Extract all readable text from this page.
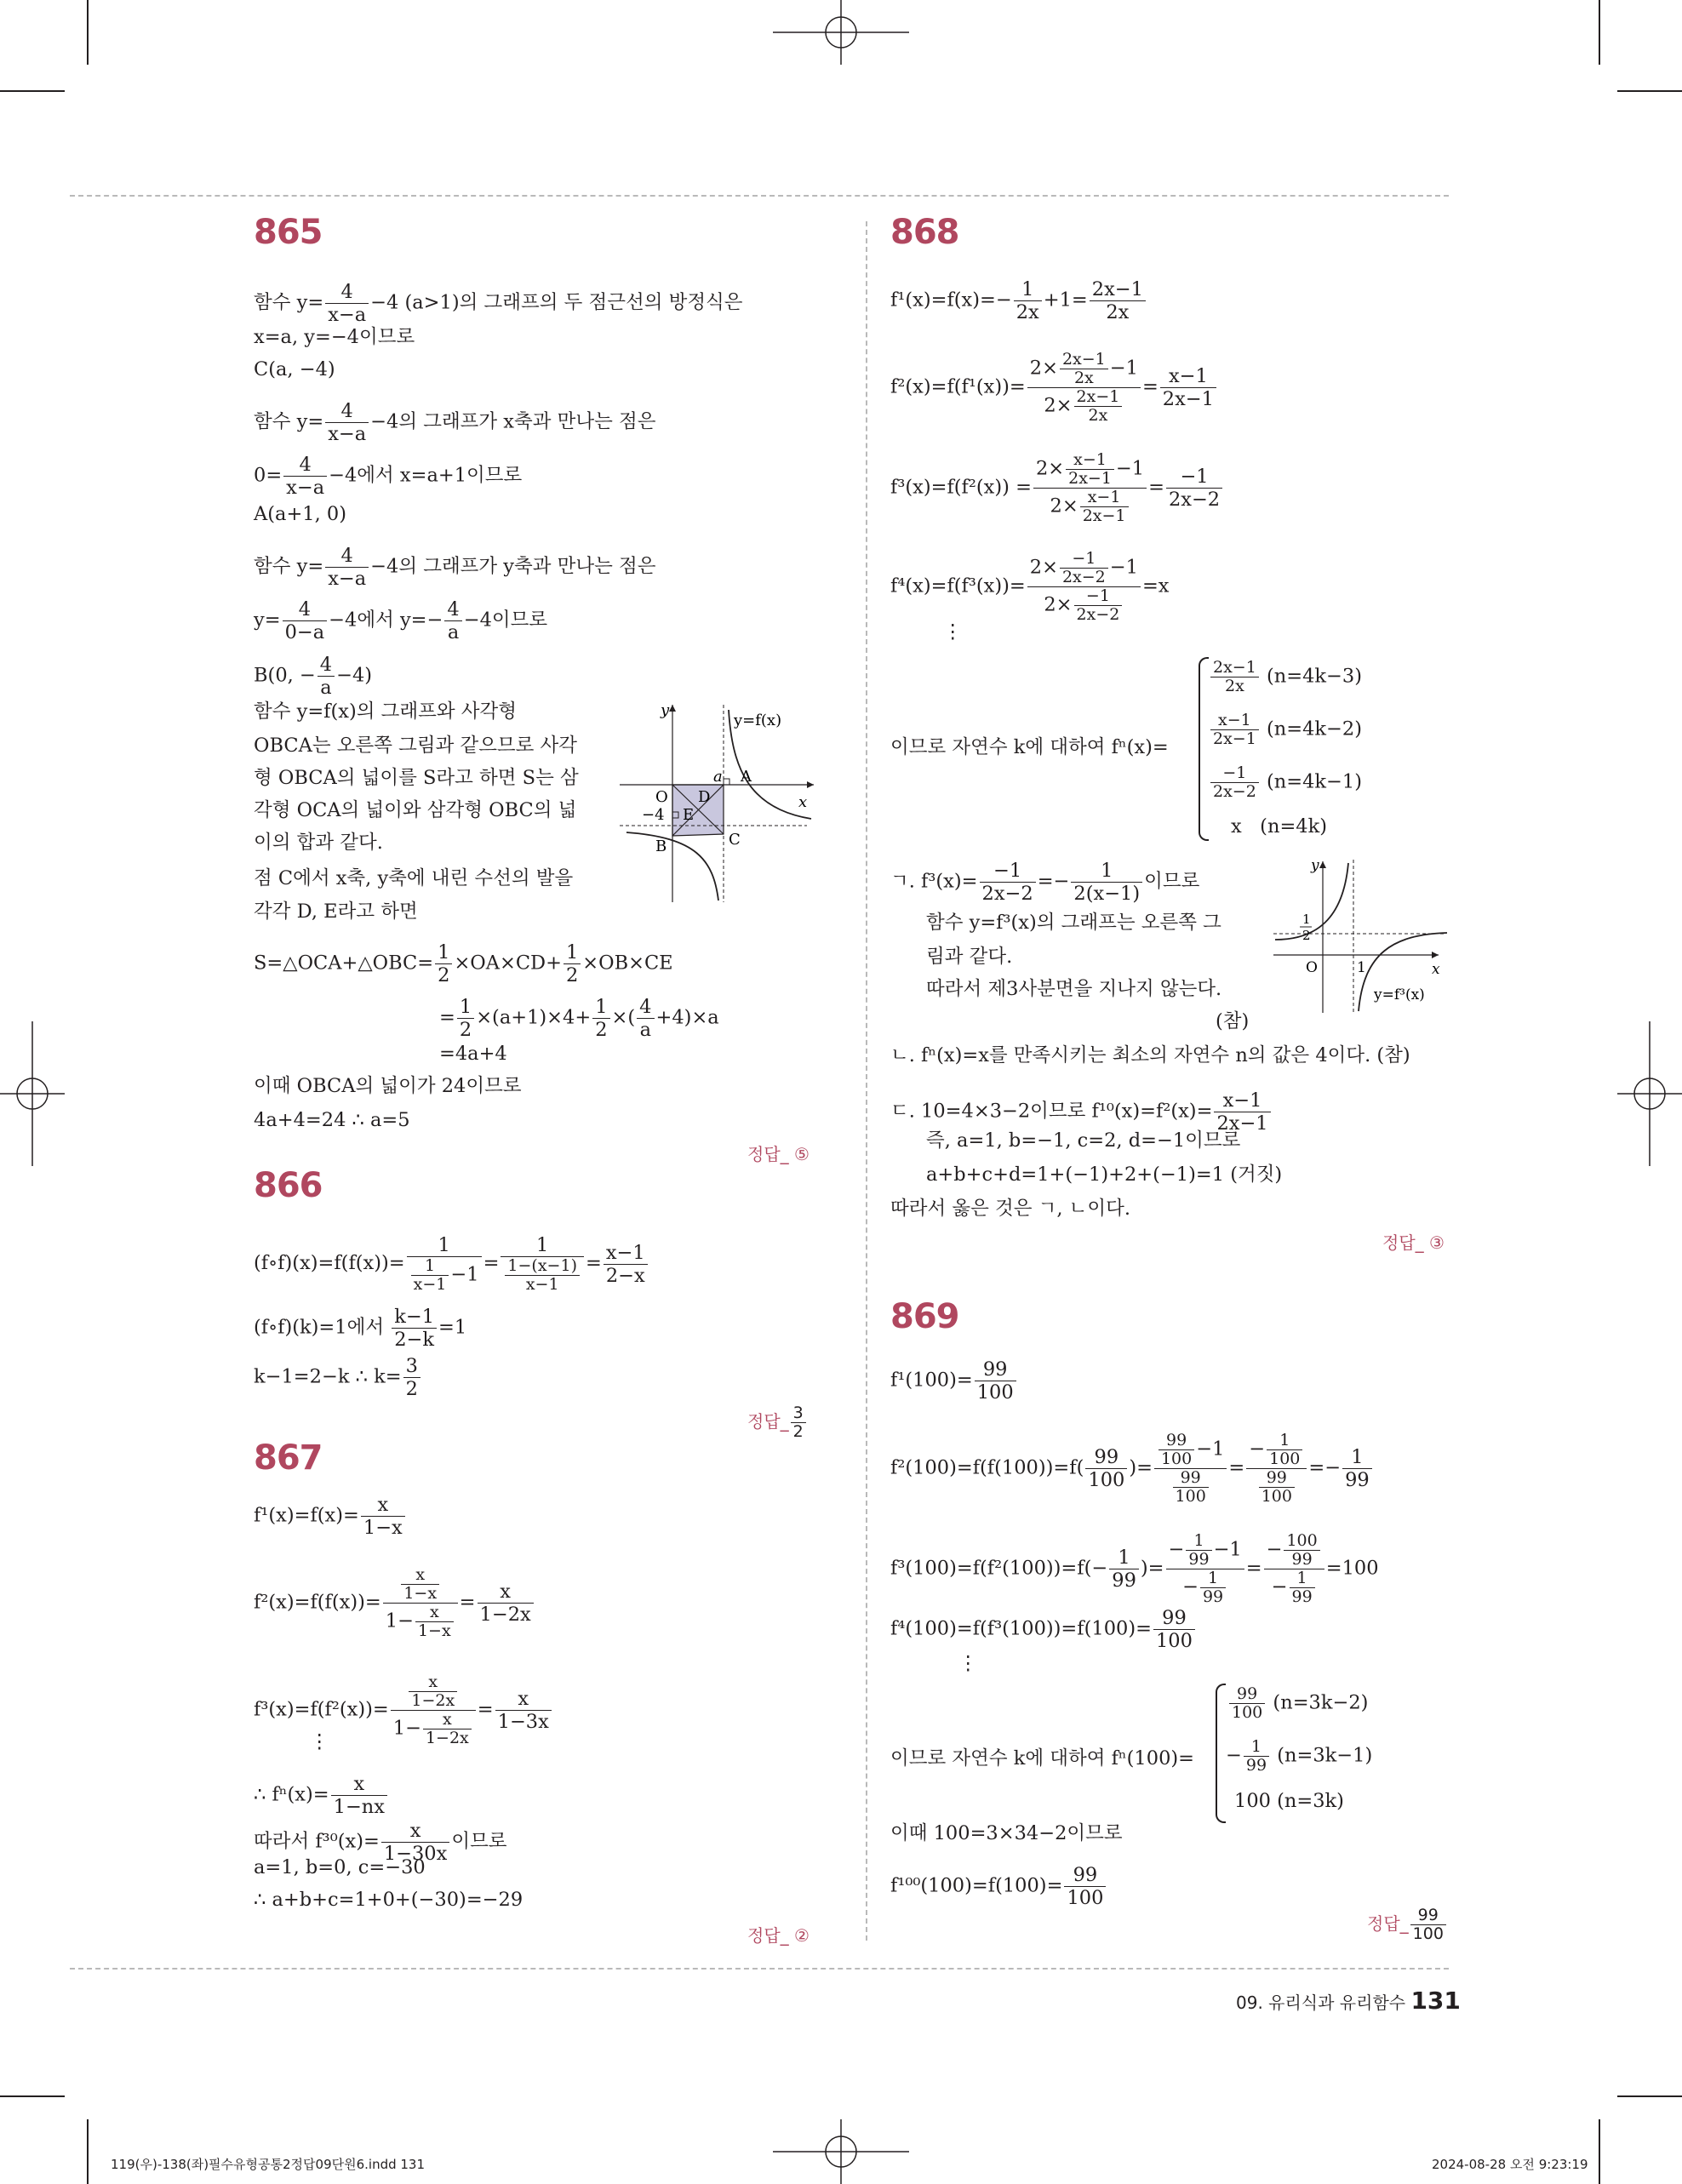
865
함수 $y= \frac{4}{x-a} -4$ (a>1)의 그래프의 두 점근선의 방정식은
x=a, y=−4이므로
C(a, −4)
함수 $y= \frac{4}{x-a} -4$의 그래프가 x축과 만나는 점은
$0= \frac{4}{x-a} -4$에서 x=a+1이므로
A(a+1, 0)
함수 $y= \frac{4}{x-a} -4$의 그래프가 y축과 만나는 점은
$y= \frac{4}{0-a} -4$에서 $y=- \frac{4}{a} -4$이므로
B(0, − $\frac{4}{a} -4$)
함수 y=f(x)의 그래프와 사각형
OBCA는 오른쪽 그림과 같으므로 사각
형 OBCA의 넓이를 S라고 하면 S는 삼
각형 OCA의 넓이와 삼각형 OBC의 넓
이의 합과 같다.
점 C에서 x축, y축에 내린 수선의 발을
각각 D, E라고 하면
y
x
y=f(x)
O
a A
D
E
−4
B	C
S=△OCA+△OBC= $\frac{1}{2} \times OA\times CD+ \frac{1}{2} \times OB\times CE$
= $\frac{1}{2} \times(a+1)\times 4+ \frac{1}{2}$ ×( $\frac{4}{a} +4)\times a$
=4a+4
이때 OBCA의 넓이가 24이므로
4a+4=24 ∴ a=5
정답_ ⑤
866
(f∘f)(x)=f(f(x))= $\frac{1}{\frac{1}{x-1} -1} = \frac{1}{\frac{1-(x-1)}{x-1}} = \frac{x-1}{2-x}$
(f∘f)(k)=1에서 $\frac{k-1}{2-k} =1$
k−1=2−k ∴ $k= \frac{3}{2}$
정답_ $\frac{3}{2}$
867
$f^1(x)=f(x)= \frac{x}{1-x}$
$f^2(x)=f(f(x))= \frac{\frac{x}{1-x}}{1- \frac{x}{1-x}} = \frac{x}{1-2x}$
$f^3(x)=f(f^2(x))= \frac{\frac{x}{1-2x}}{1- \frac{x}{1-2x}} = \frac{x}{1-3x}$
⋮
∴ $f^n(x)= \frac{x}{1-nx}$
따라서 $f^{30}(x)= \frac{x}{1-30x}$ 이므로
a=1, b=0, c=−30
∴ a+b+c=1+0+(−30)=−29
정답_ ②
868
$f^1(x)=f(x)=- \frac{1}{2x} +1= \frac{2x-1}{2x}$
$f^2(x)=f(f^1(x))= \frac{2\times \frac{2x-1}{2x} -1}{2\times \frac{2x-1}{2x}} = \frac{x-1}{2x-1}$
$f^3(x)=f(f^2(x)) = \frac{2\times \frac{x-1}{2x-1} -1}{2\times \frac{x-1}{2x-1}} = \frac{-1}{2x-2}$
$f^4(x)=f(f^3(x))= \frac{2\times \frac{-1}{2x-2} -1}{2\times \frac{-1}{2x-2}} =x$
⋮
이므로 자연수 k에 대하여 fⁿ(x)=
$\frac{2x-1}{2x} (n=4k-3)$
$\frac{x-1}{2x-1} (n=4k-2)$
$\frac{-1}{2x-2} (n=4k-1)$
x (n=4k)
ㄱ. $f^3(x)= \frac{-1}{2x-2} =- \frac{1}{2(x-1)}$ 이므로
함수 y=f³(x)의 그래프는 오른쪽 그
림과 같다.
따라서 제3사분면을 지나지 않는다.
(참)
y
x
O	1
1
2
y=f³(x)
ㄴ. fⁿ(x)=x를 만족시키는 최소의 자연수 n의 값은 4이다. (참)
ㄷ. 10=4×3−2이므로 $f^{10}(x)=f^2(x)= \frac{x-1}{2x-1}$
즉, a=1, b=−1, c=2, d=−1이므로
a+b+c+d=1+(−1)+2+(−1)=1 (거짓)
따라서 옳은 것은 ㄱ, ㄴ이다.
정답_ ③
869
$f^1(100)= \frac{99}{100}$
$f^2(100)=f(f(100))=f( \frac{99}{100}$ )= $\frac{\frac{99}{100} -1}{\frac{99}{100}} = \frac{- \frac{1}{100}}{\frac{99}{100}} =- \frac{1}{99}$
$f^3(100)=f(f^2(100))=f(- \frac{1}{99}$ )= $\frac{- \frac{1}{99} -1}{- \frac{1}{99}} = \frac{- \frac{100}{99}}{- \frac{1}{99}} =100$
$f^4(100)=f(f^3(100))=f(100)= \frac{99}{100}$
⋮
이므로 자연수 k에 대하여 fⁿ(100)=
$\frac{99}{100} (n=3k-2)$
− $\frac{1}{99} (n=3k-1)$
100 (n=3k)
이때 100=3×34−2이므로
$f^{100}(100)=f(100)= \frac{99}{100}$
정답_ $\frac{99}{100}$
09. 유리식과 유리함수 131
119(우)-138(좌)필수유형공통2정답09단원6.indd 131	2024-08-28 오전 9:23:19
